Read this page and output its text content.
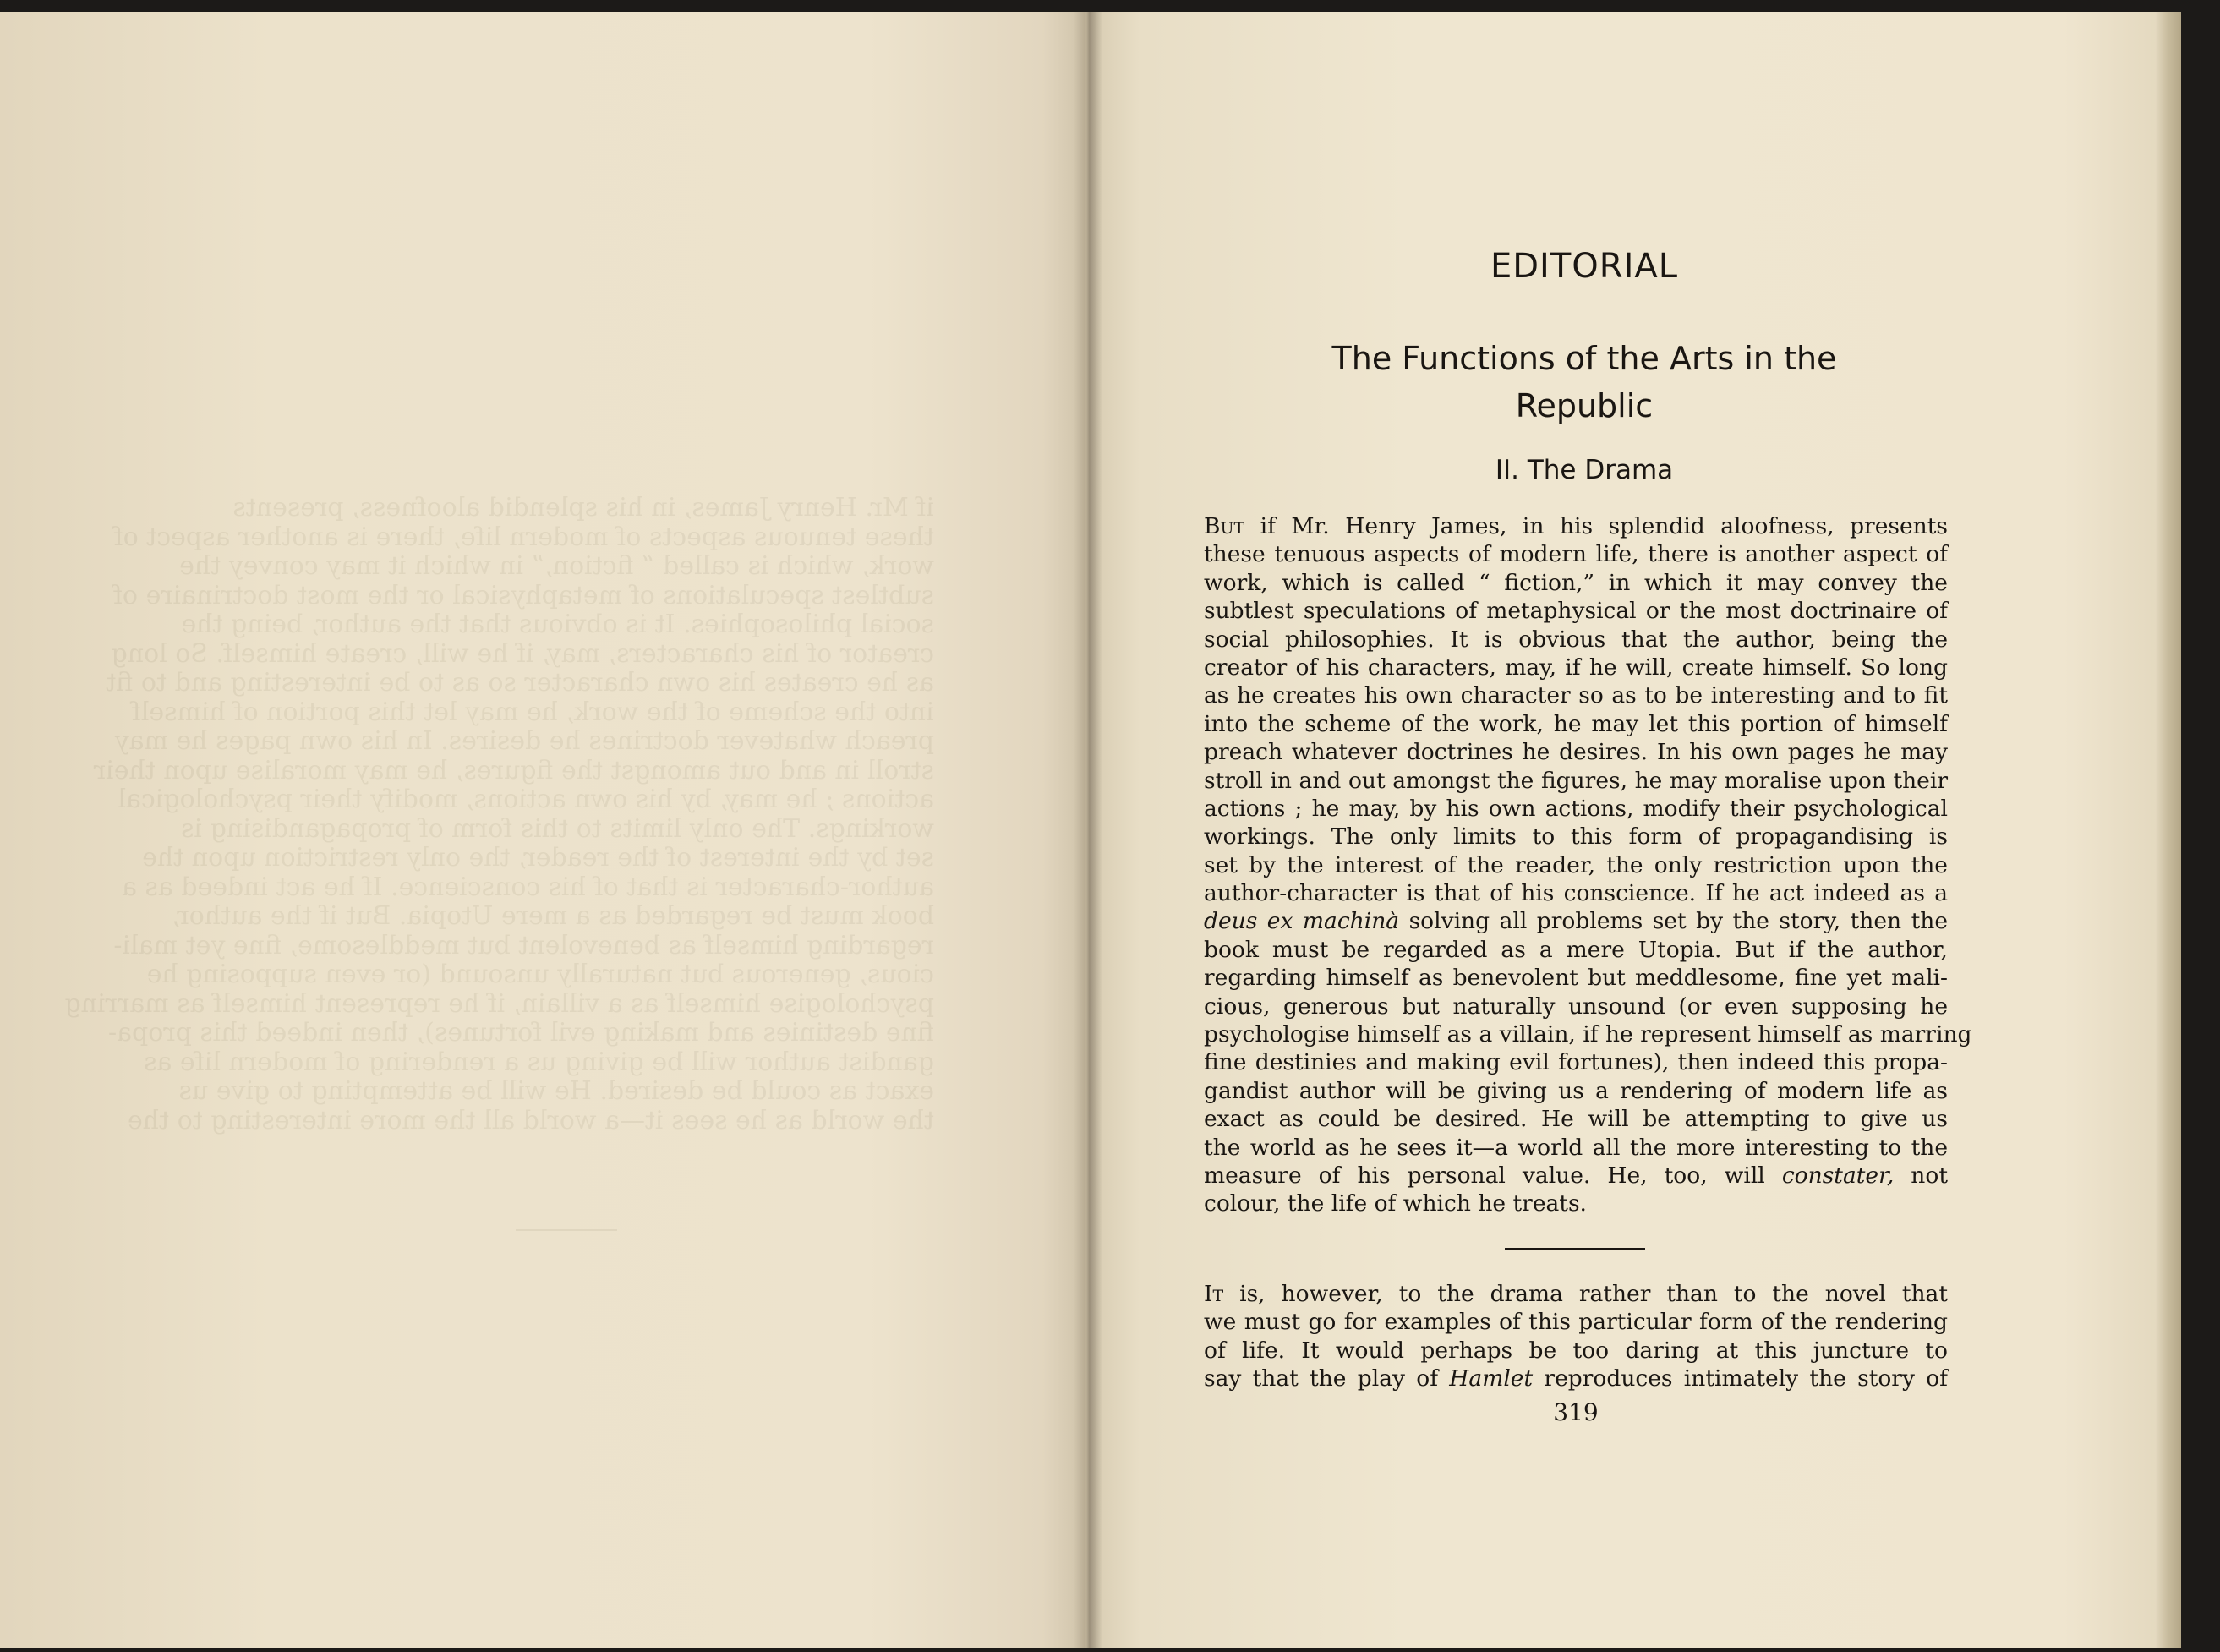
if Mr. Henry James, in his splendid aloofness, presents
these tenuous aspects of modern life, there is another aspect of
work, which is called “ fiction,” in which it may convey the
subtlest speculations of metaphysical or the most doctrinaire of
social philosophies. It is obvious that the author, being the
creator of his characters, may, if he will, create himself. So long
as he creates his own character so as to be interesting and to fit
into the scheme of the work, he may let this portion of himself
preach whatever doctrines he desires. In his own pages he may
stroll in and out amongst the figures, he may moralise upon their
actions ; he may, by his own actions, modify their psychological
workings. The only limits to this form of propagandising is
set by the interest of the reader, the only restriction upon the
author-character is that of his conscience. If he act indeed as a
book must be regarded as a mere Utopia. But if the author,
regarding himself as benevolent but meddlesome, fine yet mali-
cious, generous but naturally unsound (or even supposing he
psychologise himself as a villain, if he represent himself as marring
fine destinies and making evil fortunes), then indeed this propa-
gandist author will be giving us a rendering of modern life as
exact as could be desired. He will be attempting to give us
the world as he sees it—a world all the more interesting to the
EDITORIAL
The Functions of the Arts in the
Republic
II. The Drama
But if Mr. Henry James, in his splendid aloofness, presents
these tenuous aspects of modern life, there is another aspect of
work, which is called “ fiction,” in which it may convey the
subtlest speculations of metaphysical or the most doctrinaire of
social philosophies. It is obvious that the author, being the
creator of his characters, may, if he will, create himself. So long
as he creates his own character so as to be interesting and to fit
into the scheme of the work, he may let this portion of himself
preach whatever doctrines he desires. In his own pages he may
stroll in and out amongst the figures, he may moralise upon their
actions ; he may, by his own actions, modify their psychological
workings. The only limits to this form of propagandising is
set by the interest of the reader, the only restriction upon the
author-character is that of his conscience. If he act indeed as a
deus ex machinà solving all problems set by the story, then the
book must be regarded as a mere Utopia. But if the author,
regarding himself as benevolent but meddlesome, fine yet mali-
cious, generous but naturally unsound (or even supposing he
psychologise himself as a villain, if he represent himself as marring
fine destinies and making evil fortunes), then indeed this propa-
gandist author will be giving us a rendering of modern life as
exact as could be desired. He will be attempting to give us
the world as he sees it—a world all the more interesting to the
measure of his personal value. He, too, will constater, not
colour, the life of which he treats.
It is, however, to the drama rather than to the novel that
we must go for examples of this particular form of the rendering
of life. It would perhaps be too daring at this juncture to
say that the play of Hamlet reproduces intimately the story of
319
